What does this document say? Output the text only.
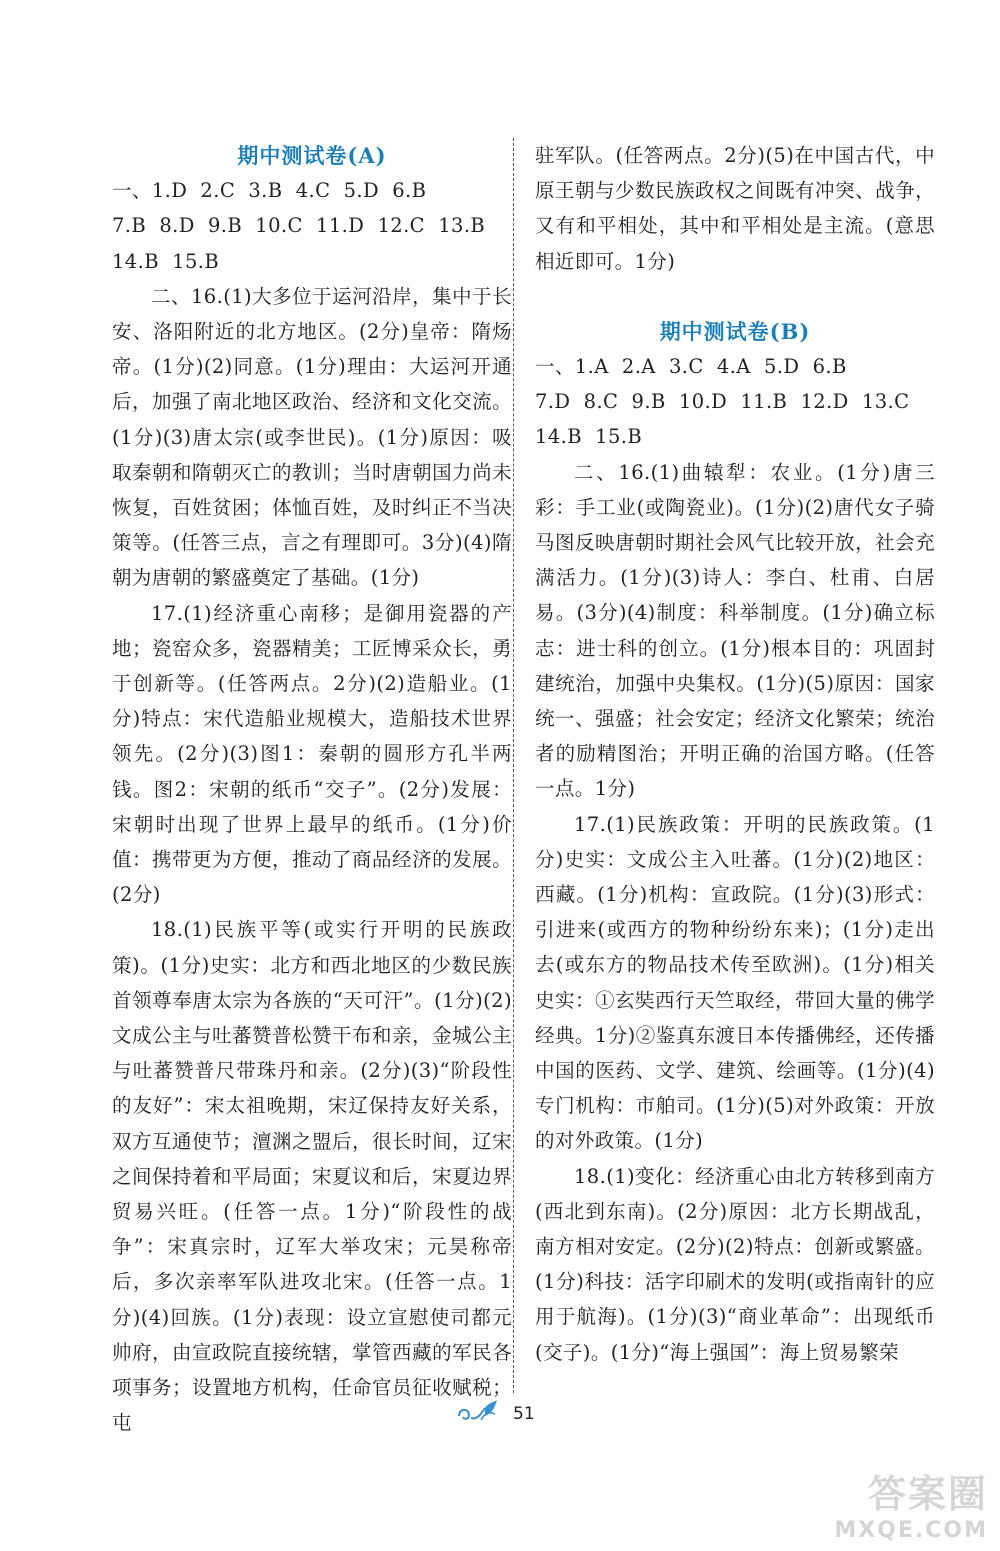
期中测试卷(A)

一、1.D  2.C  3.B  4.C  5.D  6.B

7.B  8.D  9.B  10.C  11.D  12.C  13.B

14.B  15.B

二、16.(1)大多位于运河沿岸，集中于长安、洛阳附近的北方地区。(2分)皇帝：隋炀帝。(1分)(2)同意。(1分)理由：大运河开通后，加强了南北地区政治、经济和文化交流。(1分)(3)唐太宗(或李世民)。(1分)原因：吸取秦朝和隋朝灭亡的教训；当时唐朝国力尚未恢复，百姓贫困；体恤百姓，及时纠正不当决策等。(任答三点，言之有理即可。3分)(4)隋朝为唐朝的繁盛奠定了基础。(1分)

17.(1)经济重心南移；是御用瓷器的产地；瓷窑众多，瓷器精美；工匠博采众长，勇于创新等。(任答两点。2分)(2)造船业。(1分)特点：宋代造船业规模大，造船技术世界领先。(2分)(3)图1：秦朝的圆形方孔半两钱。图2：宋朝的纸币“交子”。(2分)发展：宋朝时出现了世界上最早的纸币。(1分)价值：携带更为方便，推动了商品经济的发展。(2分)

18.(1)民族平等(或实行开明的民族政策)。(1分)史实：北方和西北地区的少数民族首领尊奉唐太宗为各族的“天可汗”。(1分)(2)文成公主与吐蕃赞普松赞干布和亲，金城公主与吐蕃赞普尺带珠丹和亲。(2分)(3)“阶段性的友好”：宋太祖晚期，宋辽保持友好关系，双方互通使节；澶渊之盟后，很长时间，辽宋之间保持着和平局面；宋夏议和后，宋夏边界贸易兴旺。(任答一点。1分)“阶段性的战争”：宋真宗时，辽军大举攻宋；元昊称帝后，多次亲率军队进攻北宋。(任答一点。1分)(4)回族。(1分)表现：设立宣慰使司都元帅府，由宣政院直接统辖，掌管西藏的军民各项事务；设置地方机构，任命官员征收赋税；屯

驻军队。(任答两点。2分)(5)在中国古代，中原王朝与少数民族政权之间既有冲突、战争，又有和平相处，其中和平相处是主流。(意思相近即可。1分)

期中测试卷(B)

一、1.A  2.A  3.C  4.A  5.D  6.B

7.D  8.C  9.B  10.D  11.B  12.D  13.C

14.B  15.B

二、16.(1)曲辕犁：农业。(1分)唐三彩：手工业(或陶瓷业)。(1分)(2)唐代女子骑马图反映唐朝时期社会风气比较开放，社会充满活力。(1分)(3)诗人：李白、杜甫、白居易。(3分)(4)制度：科举制度。(1分)确立标志：进士科的创立。(1分)根本目的：巩固封建统治，加强中央集权。(1分)(5)原因：国家统一、强盛；社会安定；经济文化繁荣；统治者的励精图治；开明正确的治国方略。(任答一点。1分)

17.(1)民族政策：开明的民族政策。(1分)史实：文成公主入吐蕃。(1分)(2)地区：西藏。(1分)机构：宣政院。(1分)(3)形式：引进来(或西方的物种纷纷东来)；(1分)走出去(或东方的物品技术传至欧洲)。(1分)相关史实：①玄奘西行天竺取经，带回大量的佛学经典。1分)②鉴真东渡日本传播佛经，还传播中国的医药、文学、建筑、绘画等。(1分)(4)专门机构：市舶司。(1分)(5)对外政策：开放的对外政策。(1分)

18.(1)变化：经济重心由北方转移到南方(西北到东南)。(2分)原因：北方长期战乱，南方相对安定。(2分)(2)特点：创新或繁盛。(1分)科技：活字印刷术的发明(或指南针的应用于航海)。(1分)(3)“商业革命”：出现纸币(交子)。(1分)“海上强国”：海上贸易繁荣

51
答案圈
MXQE.COM
